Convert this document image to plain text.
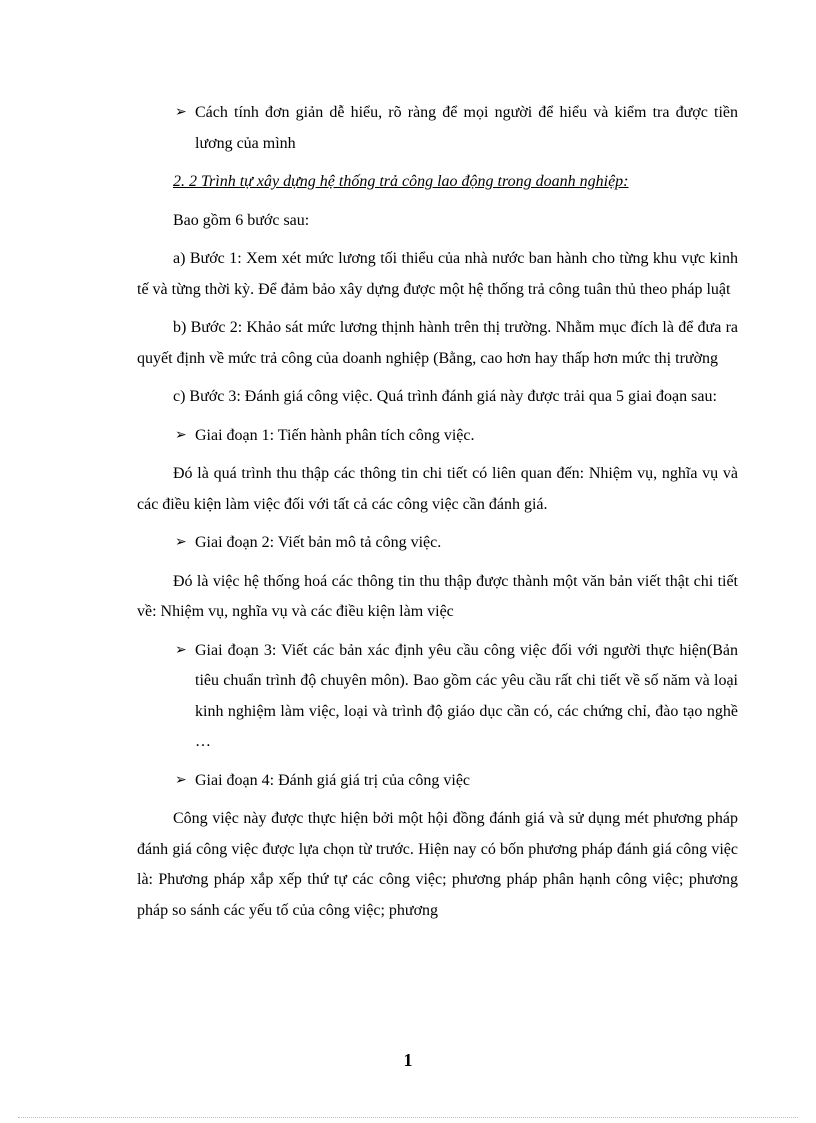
➢ Cách tính đơn giản dễ hiểu, rõ ràng để mọi người để hiểu và kiểm tra được tiền lương của mình

2. 2 Trình tự xây dựng hệ thống trả công lao động trong doanh nghiệp:

Bao gồm 6 bước sau:

a) Bước 1: Xem xét mức lương tối thiểu của nhà nước ban hành cho từng khu vực kinh tế và từng thời kỳ. Để đảm bảo xây dựng được một hệ thống trả công tuân thủ theo pháp luật

b) Bước 2: Khảo sát mức lương thịnh hành trên thị trường. Nhằm mục đích là để đưa ra quyết định về mức trả công của doanh nghiệp (Bằng, cao hơn hay thấp hơn mức thị trường

c) Bước 3: Đánh giá công việc. Quá trình đánh giá này được trải qua 5 giai đoạn sau:

➢ Giai đoạn 1: Tiến hành phân tích công việc.

Đó là quá trình thu thập các thông tin chi tiết có liên quan đến: Nhiệm vụ, nghĩa vụ và các điều kiện làm việc đối với tất cả các công việc cần đánh giá.

➢ Giai đoạn 2: Viết bản mô tả công việc.

Đó là việc hệ thống hoá các thông tin thu thập được thành một văn bản viết thật chi tiết về: Nhiệm vụ, nghĩa vụ và các điều kiện làm việc

➢ Giai đoạn 3: Viết các bản xác định yêu cầu công việc đối với người thực hiện(Bản tiêu chuẩn trình độ chuyên môn). Bao gồm các yêu cầu rất chi tiết về số năm và loại kinh nghiệm làm việc, loại và trình độ giáo dục cần có, các chứng chỉ, đào tạo nghề …

➢ Giai đoạn 4: Đánh giá giá trị của công việc

Công việc này được thực hiện bởi một hội đồng đánh giá và sử dụng mét phương pháp đánh giá công việc được lựa chọn từ trước. Hiện nay có bốn phương pháp đánh giá công việc là: Phương pháp xắp xếp thứ tự các công việc; phương pháp phân hạnh công việc; phương pháp so sánh các yếu tố của công việc; phương

1
